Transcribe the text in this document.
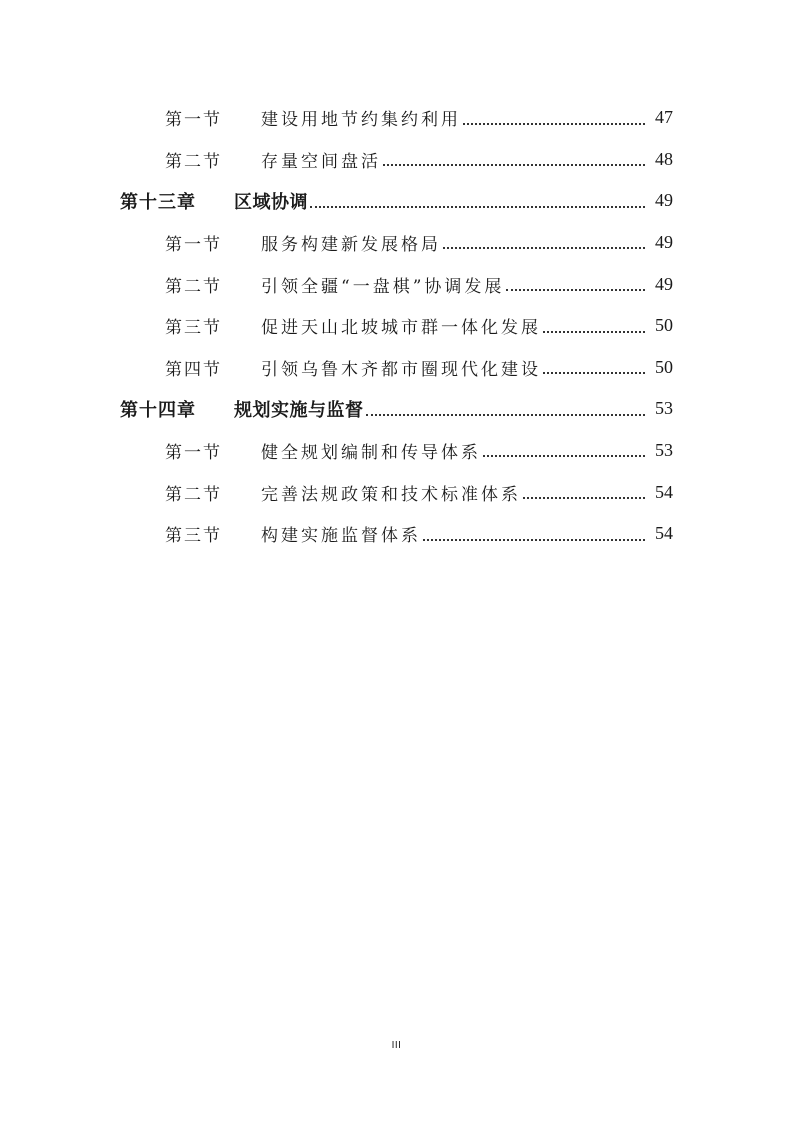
第一节	建设用地节约集约利用	47
第二节	存量空间盘活	48
第十三章	区域协调	49
第一节	服务构建新发展格局	49
第二节	引领全疆“一盘棋”协调发展	49
第三节	促进天山北坡城市群一体化发展	50
第四节	引领乌鲁木齐都市圈现代化建设	50
第十四章	规划实施与监督	53
第一节	健全规划编制和传导体系	53
第二节	完善法规政策和技术标准体系	54
第三节	构建实施监督体系	54
III
